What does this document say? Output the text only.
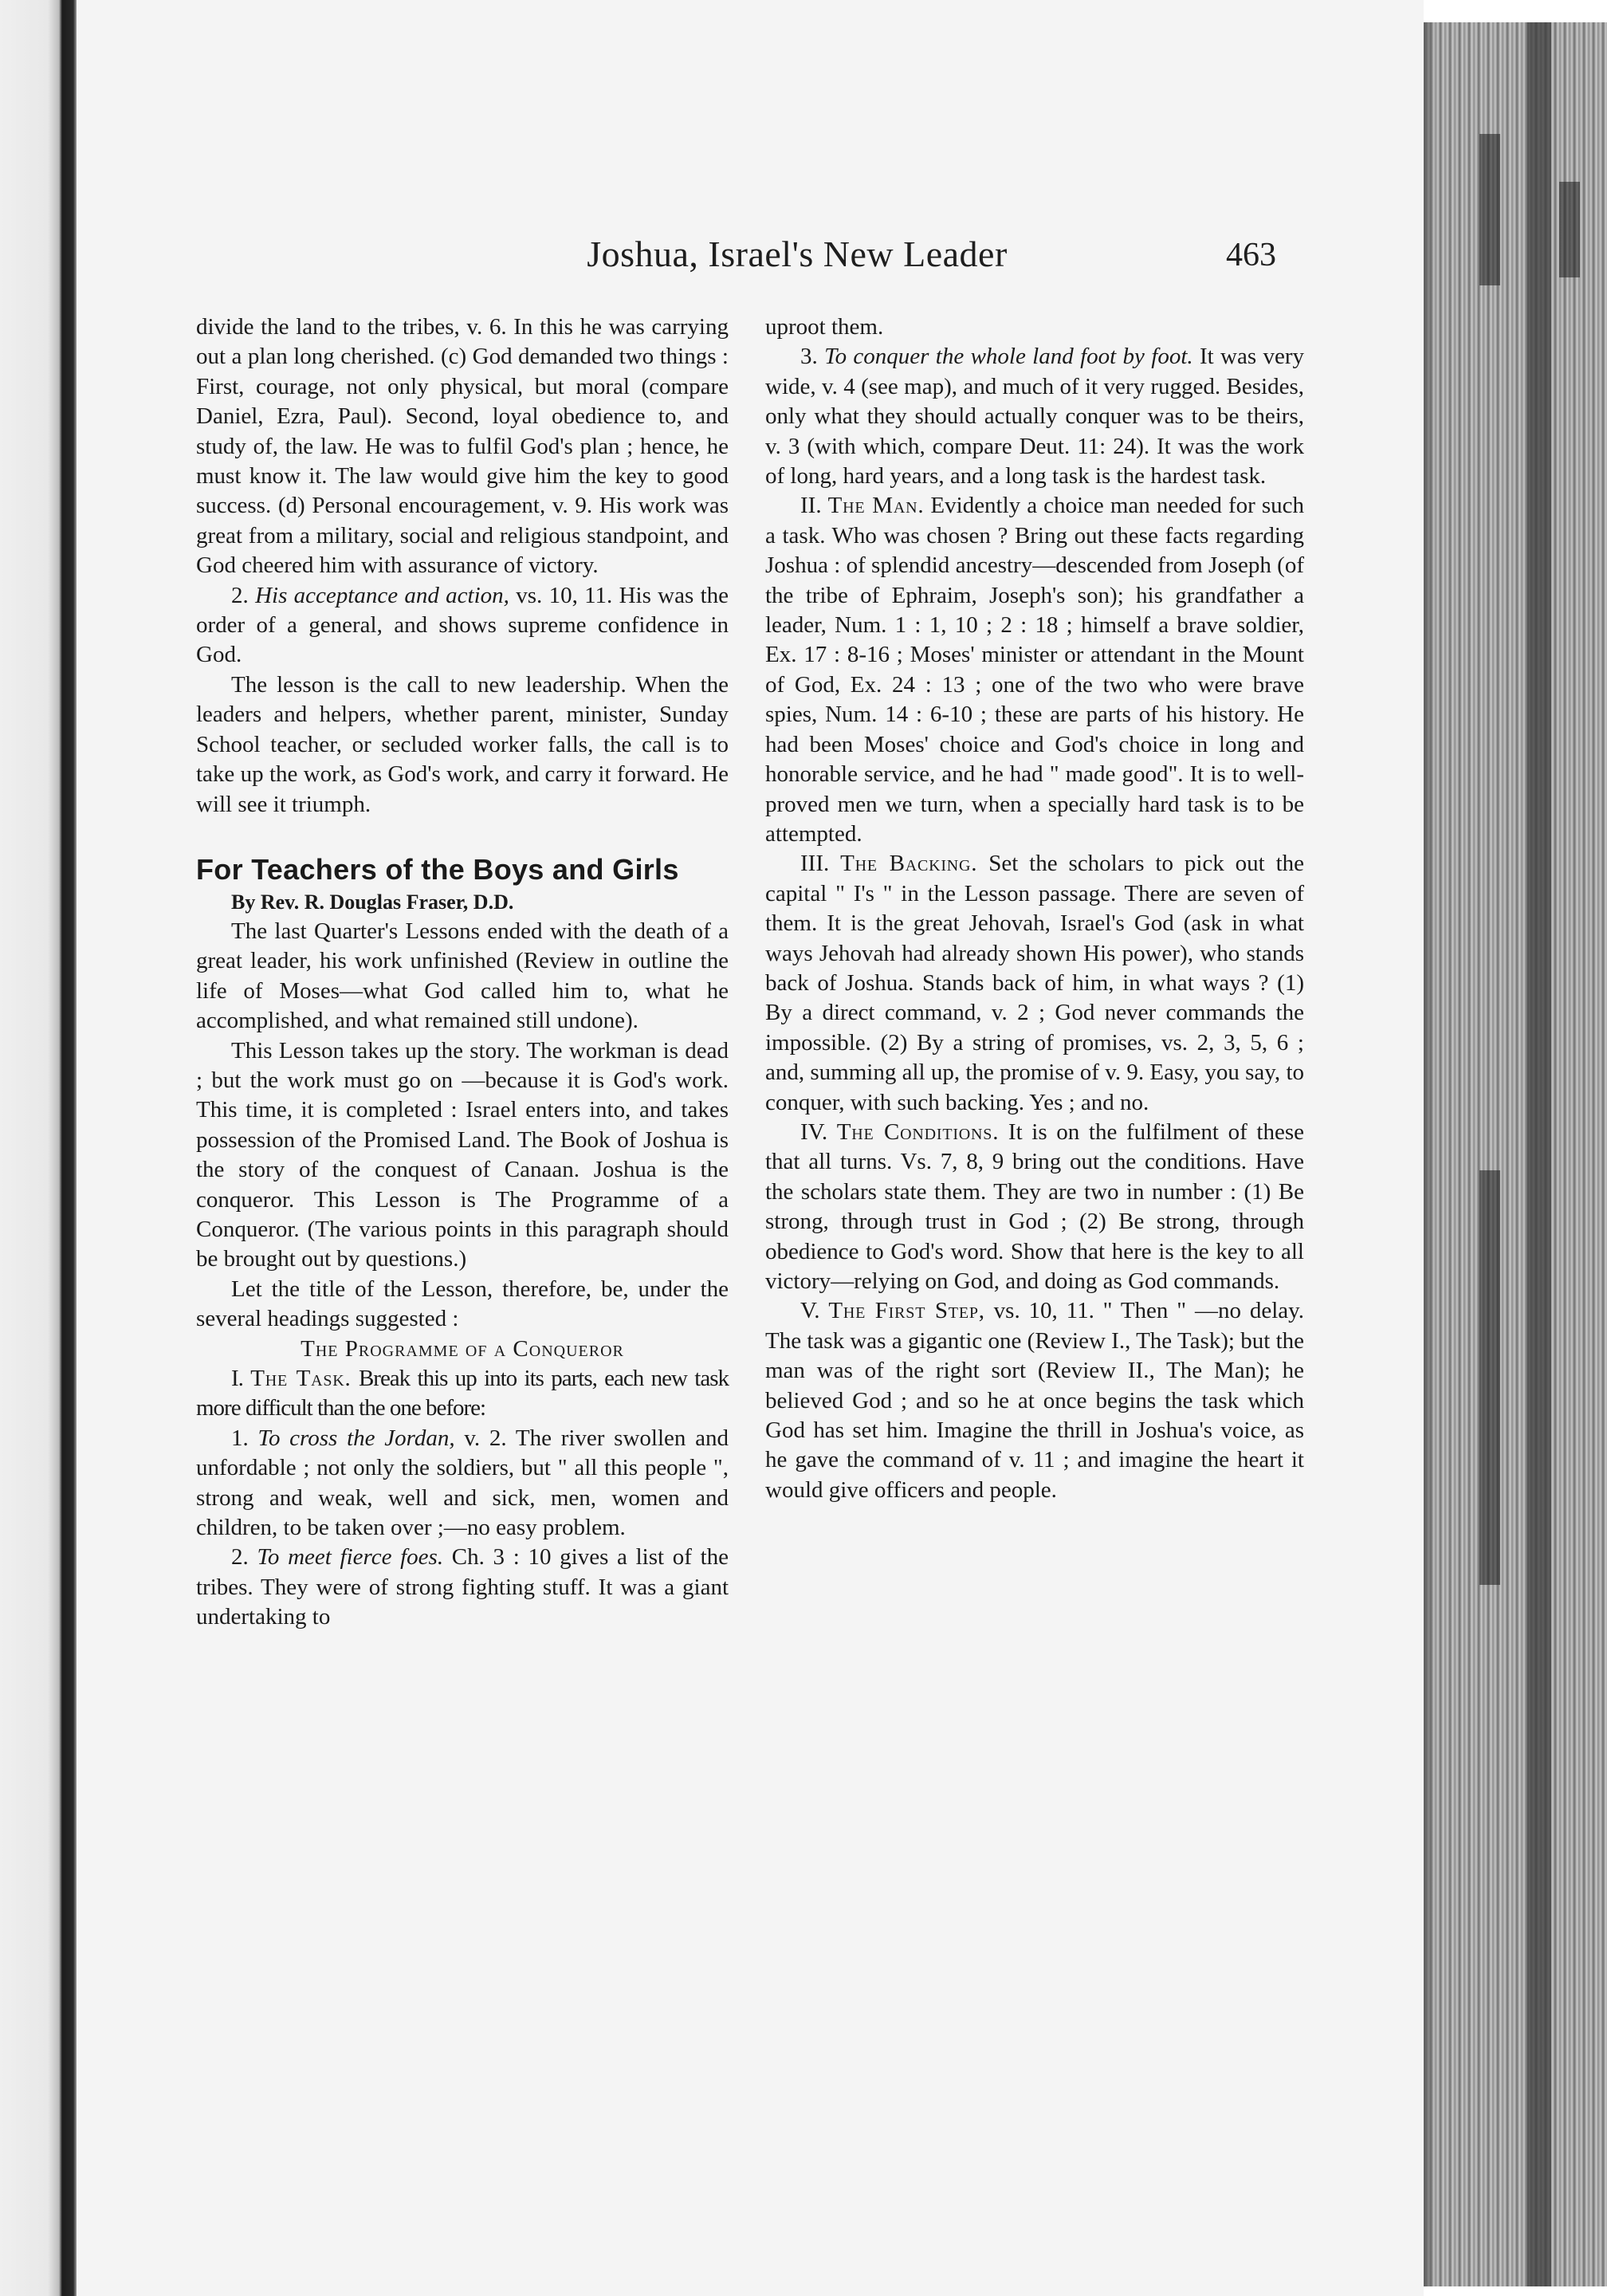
Joshua, Israel's New Leader	463

divide the land to the tribes, v. 6. In this he was carrying out a plan long cherished. (c) God demanded two things : First, courage, not only physical, but moral (compare Daniel, Ezra, Paul). Second, loyal obedience to, and study of, the law. He was to fulfil God's plan ; hence, he must know it. The law would give him the key to good success. (d) Personal encouragement, v. 9. His work was great from a military, social and religious standpoint, and God cheered him with assurance of victory.

2. His acceptance and action, vs. 10, 11. His was the order of a general, and shows supreme confidence in God.

The lesson is the call to new leadership. When the leaders and helpers, whether parent, minister, Sunday School teacher, or secluded worker falls, the call is to take up the work, as God's work, and carry it forward. He will see it triumph.

For Teachers of the Boys and Girls

By Rev. R. Douglas Fraser, D.D.

The last Quarter's Lessons ended with the death of a great leader, his work unfinished (Review in outline the life of Moses—what God called him to, what he accomplished, and what remained still undone).

This Lesson takes up the story. The workman is dead ; but the work must go on —because it is God's work. This time, it is completed : Israel enters into, and takes possession of the Promised Land. The Book of Joshua is the story of the conquest of Canaan. Joshua is the conqueror. This Lesson is The Programme of a Conqueror. (The various points in this paragraph should be brought out by questions.)

Let the title of the Lesson, therefore, be, under the several headings suggested :

The Programme of a Conqueror

I. The Task. Break this up into its parts, each new task more difficult than the one before:

1. To cross the Jordan, v. 2. The river swollen and unfordable ; not only the soldiers, but " all this people ", strong and weak, well and sick, men, women and children, to be taken over ;—no easy problem.

2. To meet fierce foes. Ch. 3 : 10 gives a list of the tribes. They were of strong fighting stuff. It was a giant undertaking to

uproot them.

3. To conquer the whole land foot by foot. It was very wide, v. 4 (see map), and much of it very rugged. Besides, only what they should actually conquer was to be theirs, v. 3 (with which, compare Deut. 11: 24). It was the work of long, hard years, and a long task is the hardest task.

II. The Man. Evidently a choice man needed for such a task. Who was chosen ? Bring out these facts regarding Joshua : of splendid ancestry—descended from Joseph (of the tribe of Ephraim, Joseph's son); his grandfather a leader, Num. 1 : 1, 10 ; 2 : 18 ; himself a brave soldier, Ex. 17 : 8-16 ; Moses' minister or attendant in the Mount of God, Ex. 24 : 13 ; one of the two who were brave spies, Num. 14 : 6-10 ; these are parts of his history. He had been Moses' choice and God's choice in long and honorable service, and he had " made good". It is to well-proved men we turn, when a specially hard task is to be attempted.

III. The Backing. Set the scholars to pick out the capital " I's " in the Lesson passage. There are seven of them. It is the great Jehovah, Israel's God (ask in what ways Jehovah had already shown His power), who stands back of Joshua. Stands back of him, in what ways ? (1) By a direct command, v. 2 ; God never commands the impossible. (2) By a string of promises, vs. 2, 3, 5, 6 ; and, summing all up, the promise of v. 9. Easy, you say, to conquer, with such backing. Yes ; and no.

IV. The Conditions. It is on the fulfilment of these that all turns. Vs. 7, 8, 9 bring out the conditions. Have the scholars state them. They are two in number : (1) Be strong, through trust in God ; (2) Be strong, through obedience to God's word. Show that here is the key to all victory—relying on God, and doing as God commands.

V. The First Step, vs. 10, 11. " Then " —no delay. The task was a gigantic one (Review I., The Task); but the man was of the right sort (Review II., The Man); he believed God ; and so he at once begins the task which God has set him. Imagine the thrill in Joshua's voice, as he gave the command of v. 11 ; and imagine the heart it would give officers and people.
